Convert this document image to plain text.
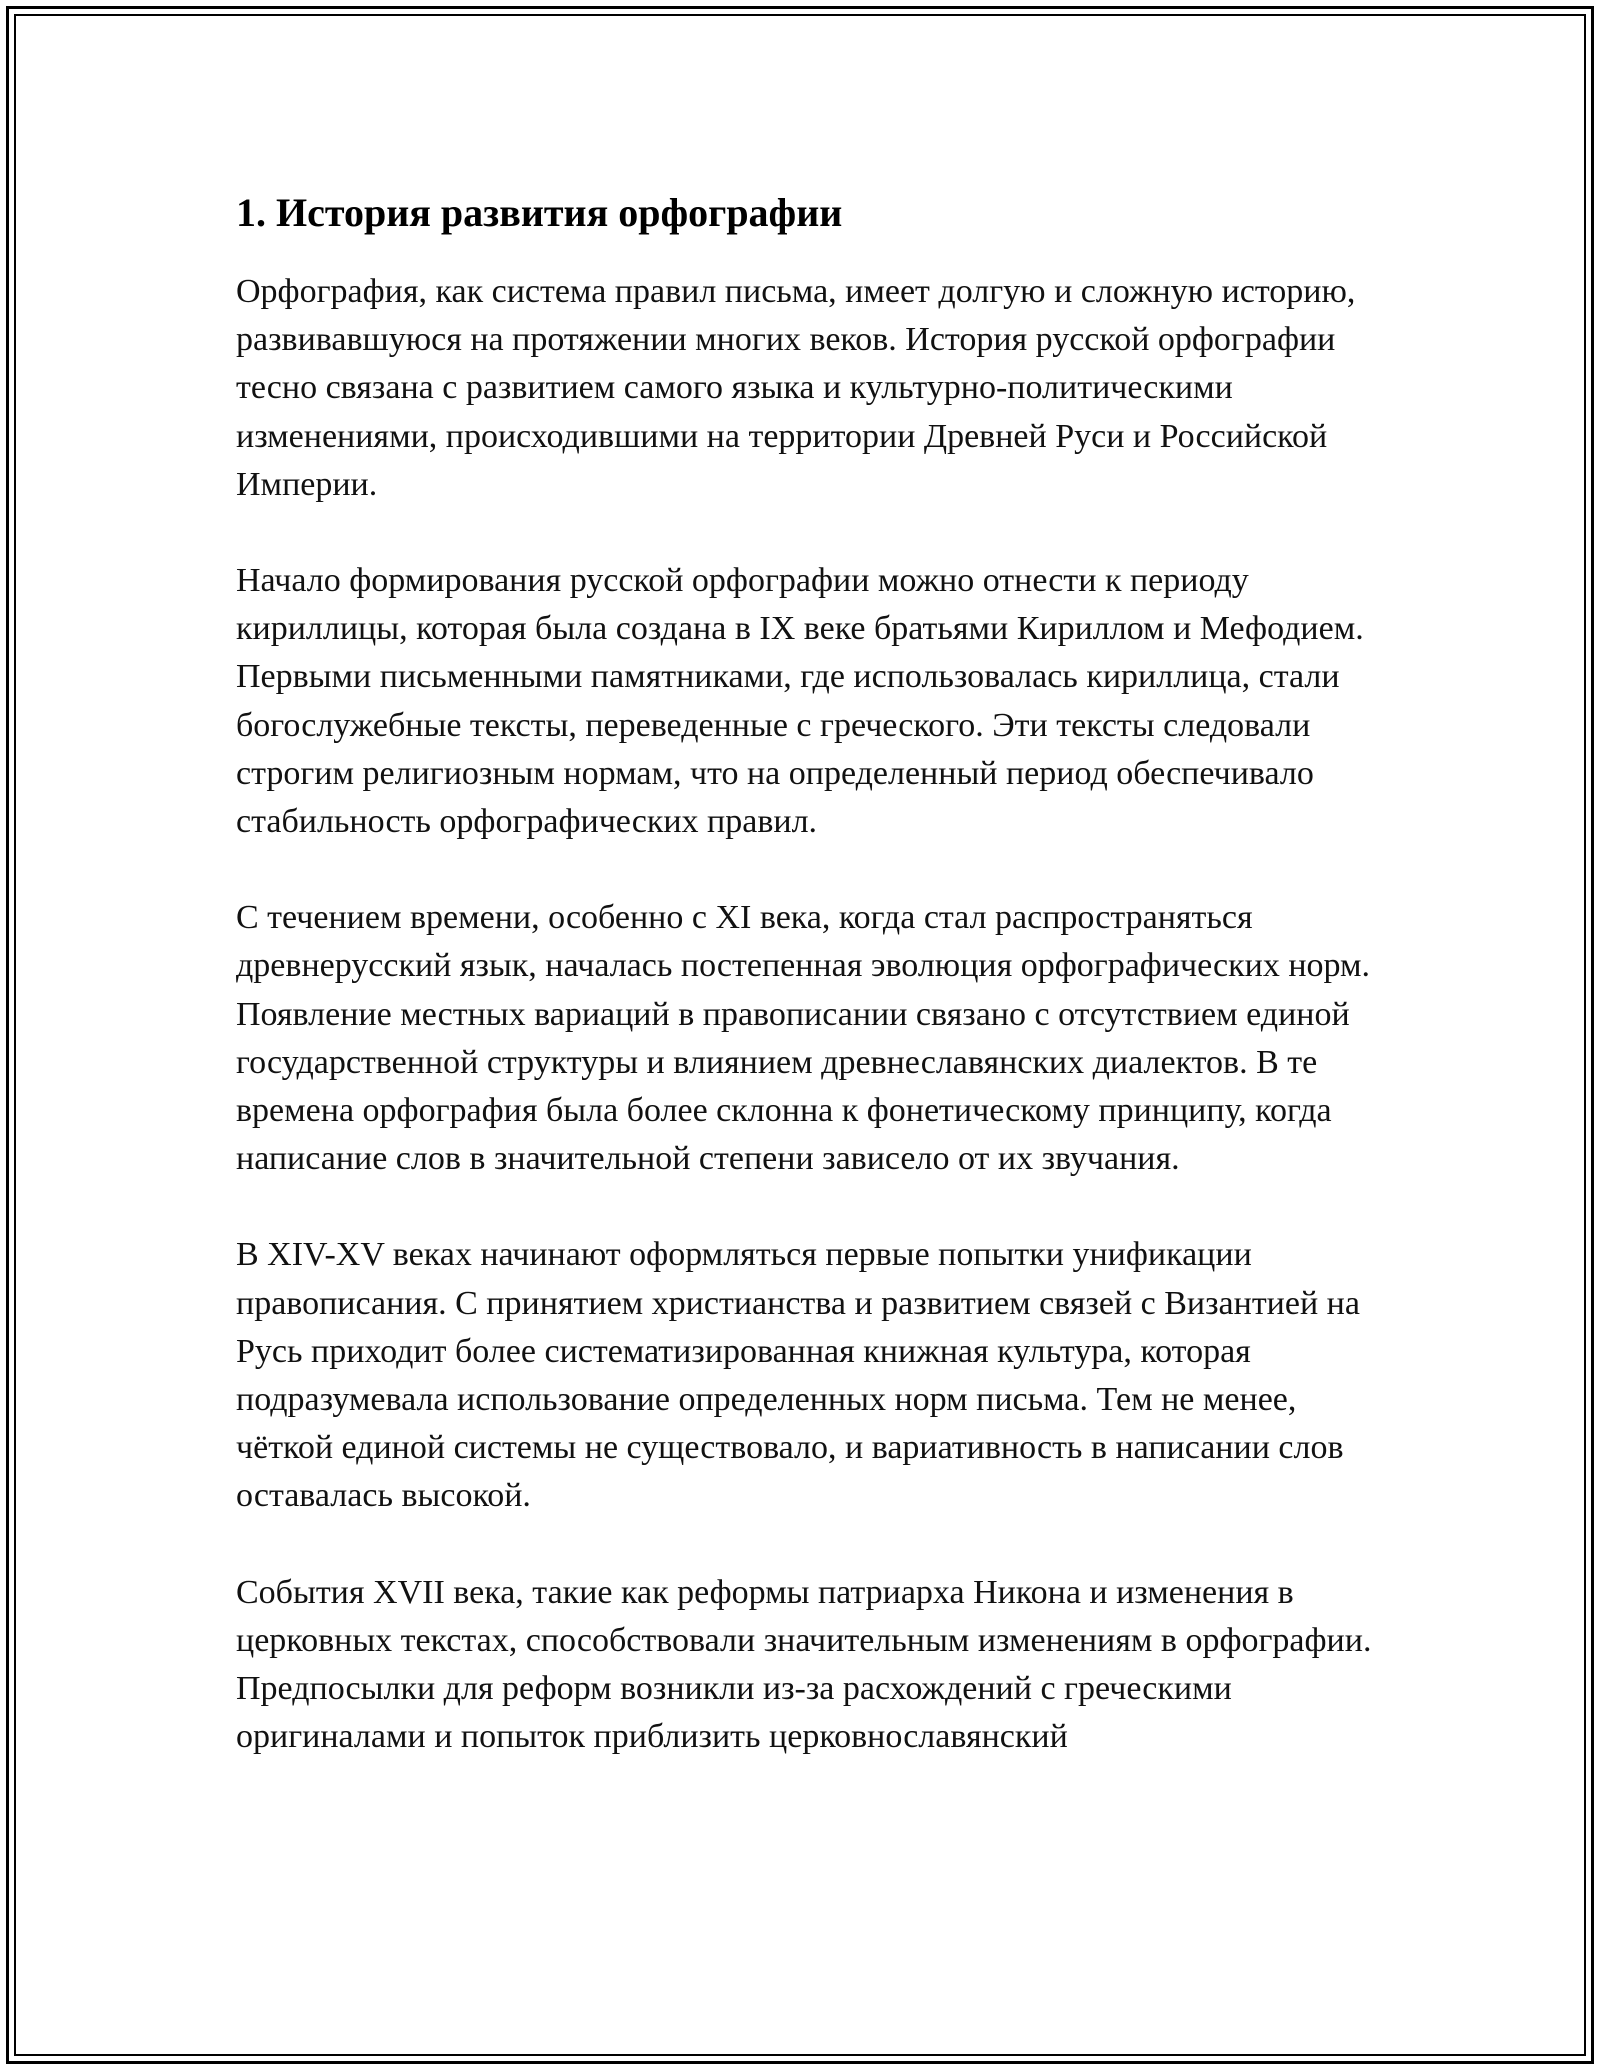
1. История развития орфографии

Орфография, как система правил письма, имеет долгую и сложную историю, развивавшуюся на протяжении многих веков. История русской орфографии тесно связана с развитием самого языка и культурно-политическими изменениями, происходившими на территории Древней Руси и Российской Империи.

Начало формирования русской орфографии можно отнести к периоду кириллицы, которая была создана в IX веке братьями Кириллом и Мефодием. Первыми письменными памятниками, где использовалась кириллица, стали богослужебные тексты, переведенные с греческого. Эти тексты следовали строгим религиозным нормам, что на определенный период обеспечивало стабильность орфографических правил.

С течением времени, особенно с XI века, когда стал распространяться древнерусский язык, началась постепенная эволюция орфографических норм. Появление местных вариаций в правописании связано с отсутствием единой государственной структуры и влиянием древнеславянских диалектов. В те времена орфография была более склонна к фонетическому принципу, когда написание слов в значительной степени зависело от их звучания.

В XIV-XV веках начинают оформляться первые попытки унификации правописания. С принятием христианства и развитием связей с Византией на Русь приходит более систематизированная книжная культура, которая подразумевала использование определенных норм письма. Тем не менее, чёткой единой системы не существовало, и вариативность в написании слов оставалась высокой.

События XVII века, такие как реформы патриарха Никона и изменения в церковных текстах, способствовали значительным изменениям в орфографии. Предпосылки для реформ возникли из-за расхождений с греческими оригиналами и попыток приблизить церковнославянский
